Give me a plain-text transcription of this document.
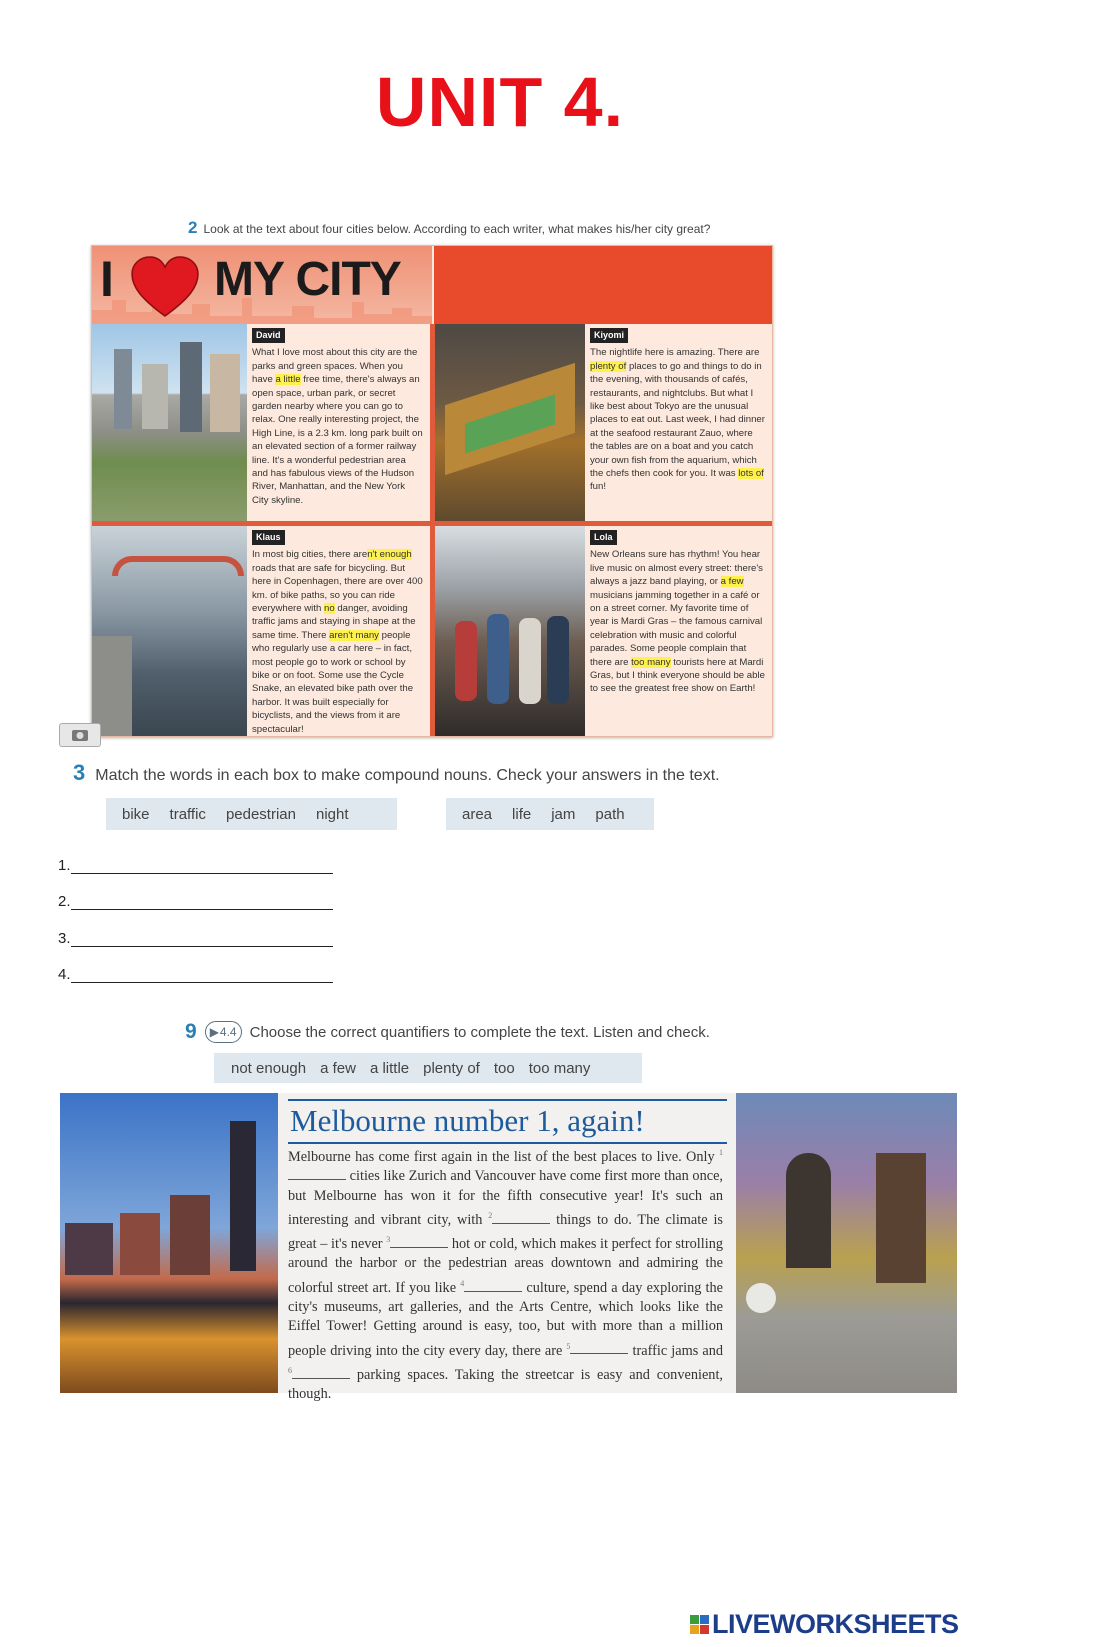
UNIT 4.
2 Look at the text about four cities below. According to each writer, what makes his/her city great?
I MY CITY	With Melbourne topping the list of the best cities in the world to live, we celebrate cities everywhere, and invite you to share what you love about your city. #whatmakesyourcitygreat
David
What I love most about this city are the parks and green spaces. When you have a little free time, there's always an open space, urban park, or secret garden nearby where you can go to relax. One really interesting project, the High Line, is a 2.3 km. long park built on an elevated section of a former railway line. It's a wonderful pedestrian area and has fabulous views of the Hudson River, Manhattan, and the New York City skyline.
Kiyomi
The nightlife here is amazing. There are plenty of places to go and things to do in the evening, with thousands of cafés, restaurants, and nightclubs. But what I like best about Tokyo are the unusual places to eat out. Last week, I had dinner at the seafood restaurant Zauo, where the tables are on a boat and you catch your own fish from the aquarium, which the chefs then cook for you. It was lots of fun!
Klaus
In most big cities, there aren't enough roads that are safe for bicycling. But here in Copenhagen, there are over 400 km. of bike paths, so you can ride everywhere with no danger, avoiding traffic jams and staying in shape at the same time. There aren't many people who regularly use a car here – in fact, most people go to work or school by bike or on foot. Some use the Cycle Snake, an elevated bike path over the harbor. It was built especially for bicyclists, and the views from it are spectacular!
Lola
New Orleans sure has rhythm! You hear live music on almost every street: there's always a jazz band playing, or a few musicians jamming together in a café or on a street corner. My favorite time of year is Mardi Gras – the famous carnival celebration with music and colorful parades. Some people complain that there are too many tourists here at Mardi Gras, but I think everyone should be able to see the greatest free show on Earth!
3 Match the words in each box to make compound nouns. Check your answers in the text.
bike traffic pedestrian night	area life jam path
1.
2.
3.
4.
9	▶  4.4 Choose the correct quantifiers to complete the text. Listen and check.
not enough a few a little plenty of too too many
Melbourne number 1, again!
Melbourne has come first again in the list of the best places to live. Only $^1$ cities like Zurich and Vancouver have come first more than once, but Melbourne has won it for the fifth consecutive year! It's such an interesting and vibrant city, with $^2$	things to do. The climate is great – it's never $^3$	hot or cold, which makes it perfect for strolling around the harbor or the pedestrian areas downtown and admiring the colorful street art. If you like $^4$	culture, spend a day exploring the city's museums, art galleries, and the Arts Centre, which looks like the Eiffel Tower! Getting around is easy, too, but with more than a million people driving into the city every day, there are $^5$	traffic jams and $^6$	parking spaces. Taking the streetcar is easy and convenient, though.
LIVEWORKSHEETS
